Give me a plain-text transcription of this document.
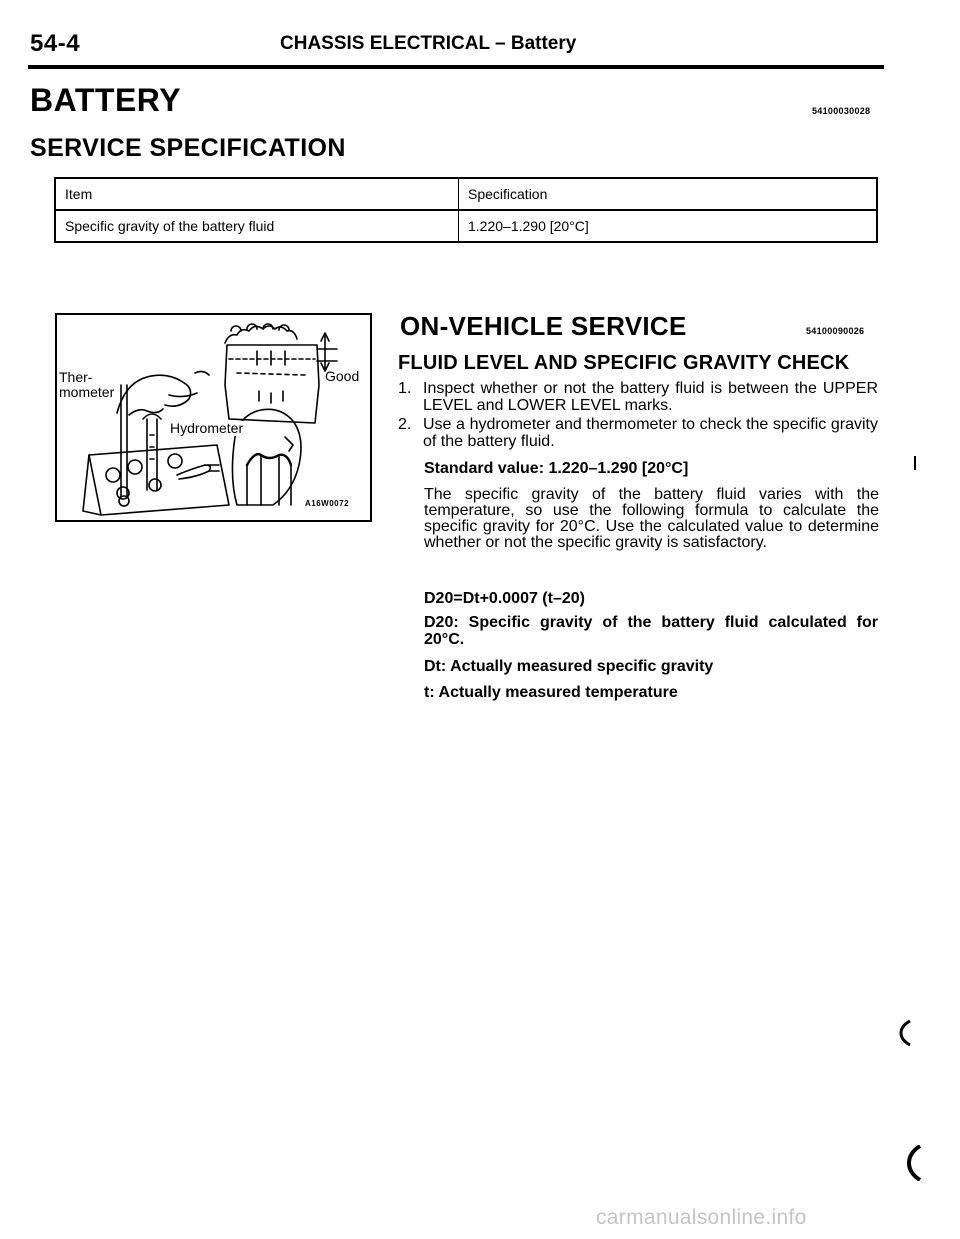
54-4	CHASSIS ELECTRICAL – Battery
BATTERY	54100030028
SERVICE SPECIFICATION
Item	Specification
Specific gravity of the battery fluid	1.220–1.290 [20°C]
Ther-
mometer
Hydrometer
Good
A16W0072
ON-VEHICLE SERVICE	54100090026
FLUID LEVEL AND SPECIFIC GRAVITY CHECK
1. Inspect whether or not the battery fluid is between the UPPER LEVEL and LOWER LEVEL marks.
2. Use a hydrometer and thermometer to check the specific gravity of the battery fluid.
Standard value: 1.220–1.290 [20°C]
The specific gravity of the battery fluid varies with the temperature, so use the following formula to calculate the specific gravity for 20°C. Use the calculated value to determine whether or not the specific gravity is satisfactory.
D20=Dt+0.0007 (t–20)
D20: Specific gravity of the battery fluid calculated for 20°C.
Dt: Actually measured specific gravity
t: Actually measured temperature
carmanualsonline.info
